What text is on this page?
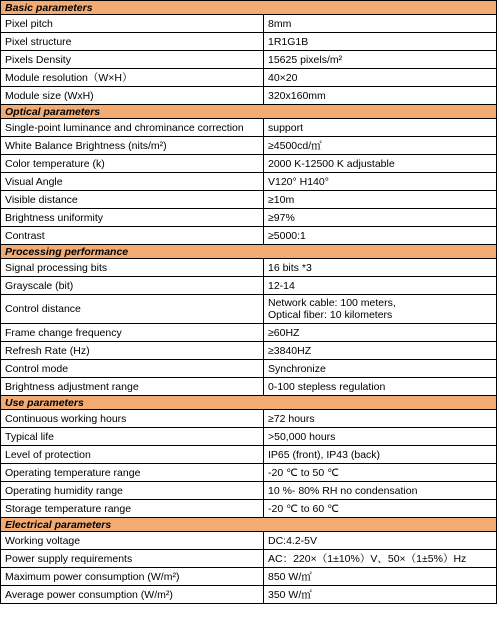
Basic parameters	
Pixel pitch	8mm

Pixel structure	1R1G1B

Pixels Density	15625 pixels/m²

Module resolution（W×H）	40×20

Module size (WxH)	320x160mm

Optical parameters	
Single-point luminance and chrominance correction	support

White Balance Brightness (nits/m²)	≥4500cd/㎡

Color temperature (k)	2000 K-12500 K adjustable

Visual Angle	V120° H140°

Visible distance	≥10m

Brightness uniformity	≥97%

Contrast	≥5000:1

Processing performance	
Signal processing bits	16 bits *3

Grayscale (bit)	12-14

Control distance	Network cable: 100 meters,
Optical fiber: 10 kilometers

Frame change frequency	≥60HZ

Refresh Rate (Hz)	≥3840HZ

Control mode	Synchronize

Brightness adjustment range	0-100 stepless regulation

Use parameters	
Continuous working hours	≥72 hours

Typical life	>50,000 hours

Level of protection	IP65 (front), IP43 (back)

Operating temperature range	-20 ℃ to 50 ℃

Operating humidity range	10 %- 80% RH no condensation

Storage temperature range	-20 ℃ to 60 ℃

Electrical parameters	
Working voltage	DC:4.2-5V

Power supply requirements	AC：220×（1±10%）V、50×（1±5%）Hz

Maximum power consumption (W/m²)	850 W/㎡

Average power consumption (W/m²)	350 W/㎡
